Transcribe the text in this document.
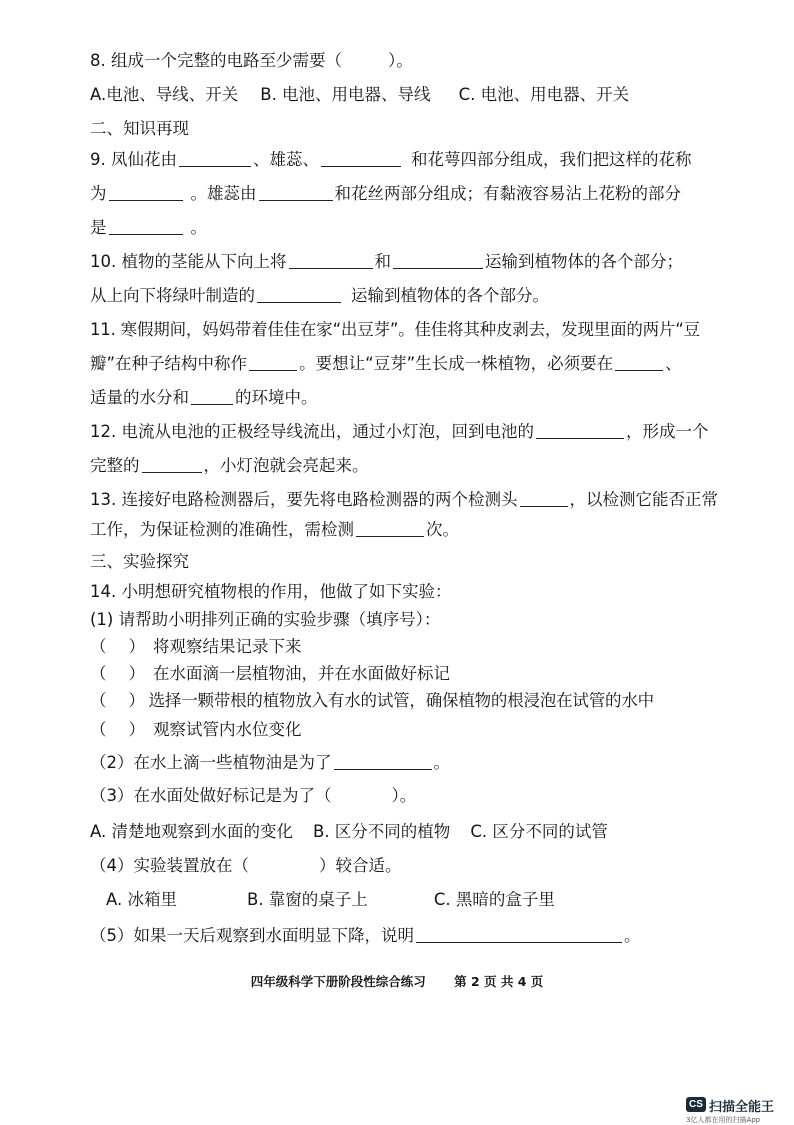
8. 组成一个完整的电路至少需要（	）。
A.电池、导线、开关 B. 电池、用电器、导线 C. 电池、用电器、开关
二、知识再现
9. 凤仙花由	、雄蕊、	和花萼四部分组成，我们把这样的花称
为	。雄蕊由	和花丝两部分组成；有黏液容易沾上花粉的部分
是	。
10. 植物的茎能从下向上将	和	运输到植物体的各个部分；
从上向下将绿叶制造的	运输到植物体的各个部分。
11. 寒假期间，妈妈带着佳佳在家“出豆芽”。佳佳将其种皮剥去，发现里面的两片“豆
瓣”在种子结构中称作	。要想让“豆芽”生长成一株植物，必须要在	、
适量的水分和	的环境中。
12. 电流从电池的正极经导线流出，通过小灯泡，回到电池的	，形成一个
完整的	，小灯泡就会亮起来。
13. 连接好电路检测器后，要先将电路检测器的两个检测头	，以检测它能否正常
工作，为保证检测的准确性，需检测	次。
三、实验探究
14. 小明想研究植物根的作用，他做了如下实验：
(1) 请帮助小明排列正确的实验步骤（填序号）：
（ ） 将观察结果记录下来
（ ） 在水面滴一层植物油，并在水面做好标记
（ ） 选择一颗带根的植物放入有水的试管，确保植物的根浸泡在试管的水中
（ ） 观察试管内水位变化
（2）在水上滴一些植物油是为了	。
（3）在水面处做好标记是为了（	）。
A. 清楚地观察到水面的变化 B. 区分不同的植物 C. 区分不同的试管
（4）实验装置放在（	）较合适。
A. 冰箱里	B. 靠窗的桌子上	C. 黑暗的盒子里
（5）如果一天后观察到水面明显下降，说明	。
四年级科学下册阶段性综合练习 第 2 页 共 4 页
CS 扫描全能王
3亿人都在用的扫描App
